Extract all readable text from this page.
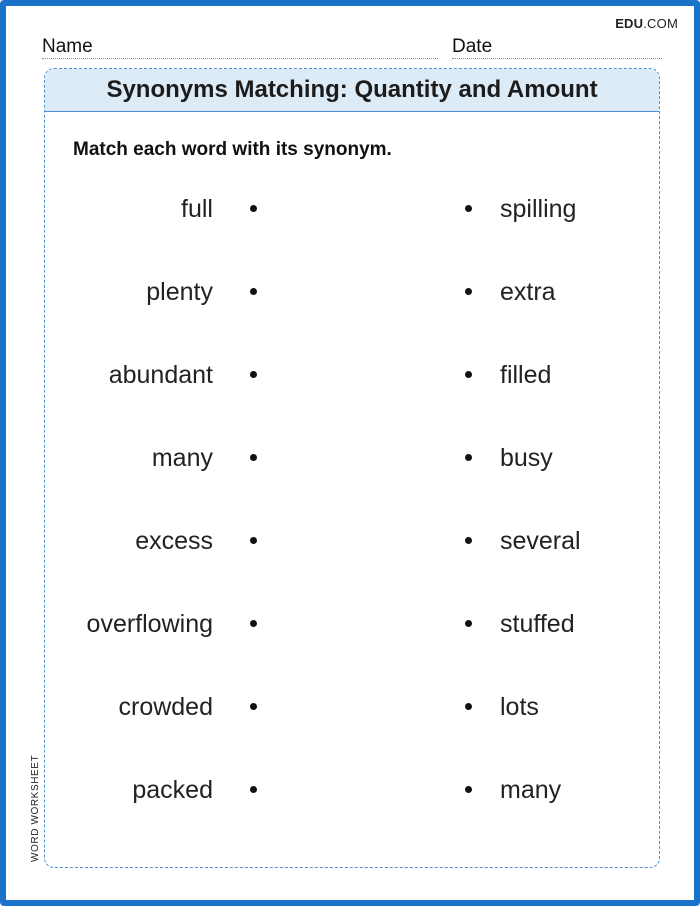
EDU.COM
Name	Date
Synonyms Matching: Quantity and Amount
Match each word with its synonym.
WORD WORKSHEET
full	spilling
plenty	extra
abundant	filled
many	busy
excess	several
overflowing	stuffed
crowded	lots
packed	many
